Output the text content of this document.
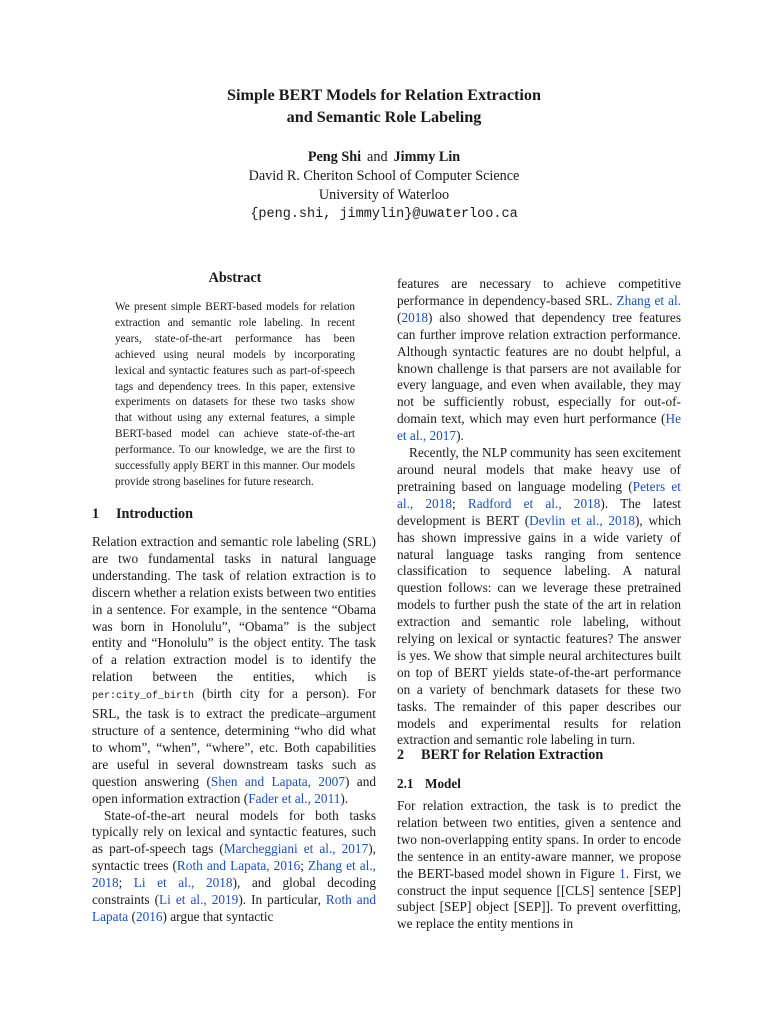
Simple BERT Models for Relation Extraction
and Semantic Role Labeling
Peng Shi and Jimmy Lin
David R. Cheriton School of Computer Science
University of Waterloo
{peng.shi, jimmylin}@uwaterloo.ca
Abstract
We present simple BERT-based models for relation extraction and semantic role labeling. In recent years, state-of-the-art performance has been achieved using neural models by incorporating lexical and syntactic features such as part-of-speech tags and dependency trees. In this paper, extensive experiments on datasets for these two tasks show that without using any external features, a simple BERT-based model can achieve state-of-the-art performance. To our knowledge, we are the first to successfully apply BERT in this manner. Our models provide strong baselines for future research.
1 Introduction

Relation extraction and semantic role labeling (SRL) are two fundamental tasks in natural language understanding. The task of relation extraction is to discern whether a relation exists between two entities in a sentence. For example, in the sentence “Obama was born in Honolulu”, “Obama” is the subject entity and “Honolulu” is the object entity. The task of a relation extraction model is to identify the relation between the entities, which is per:city_of_birth (birth city for a person). For SRL, the task is to extract the predicate–argument structure of a sentence, determining “who did what to whom”, “when”, “where”, etc. Both capabilities are useful in several downstream tasks such as question answering (Shen and Lapata, 2007) and open information extraction (Fader et al., 2011).

State-of-the-art neural models for both tasks typically rely on lexical and syntactic features, such as part-of-speech tags (Marcheggiani et al., 2017), syntactic trees (Roth and Lapata, 2016; Zhang et al., 2018; Li et al., 2018), and global decoding constraints (Li et al., 2019). In particular, Roth and Lapata (2016) argue that syntactic

features are necessary to achieve competitive performance in dependency-based SRL. Zhang et al. (2018) also showed that dependency tree features can further improve relation extraction performance. Although syntactic features are no doubt helpful, a known challenge is that parsers are not available for every language, and even when available, they may not be sufficiently robust, especially for out-of-domain text, which may even hurt performance (He et al., 2017).

Recently, the NLP community has seen excitement around neural models that make heavy use of pretraining based on language modeling (Peters et al., 2018; Radford et al., 2018). The latest development is BERT (Devlin et al., 2018), which has shown impressive gains in a wide variety of natural language tasks ranging from sentence classification to sequence labeling. A natural question follows: can we leverage these pretrained models to further push the state of the art in relation extraction and semantic role labeling, without relying on lexical or syntactic features? The answer is yes. We show that simple neural architectures built on top of BERT yields state-of-the-art performance on a variety of benchmark datasets for these two tasks. The remainder of this paper describes our models and experimental results for relation extraction and semantic role labeling in turn.

2 BERT for Relation Extraction
2.1 Model

For relation extraction, the task is to predict the relation between two entities, given a sentence and two non-overlapping entity spans. In order to encode the sentence in an entity-aware manner, we propose the BERT-based model shown in Figure 1. First, we construct the input sequence [[CLS] sentence [SEP] subject [SEP] object [SEP]]. To prevent overfitting, we replace the entity mentions in
